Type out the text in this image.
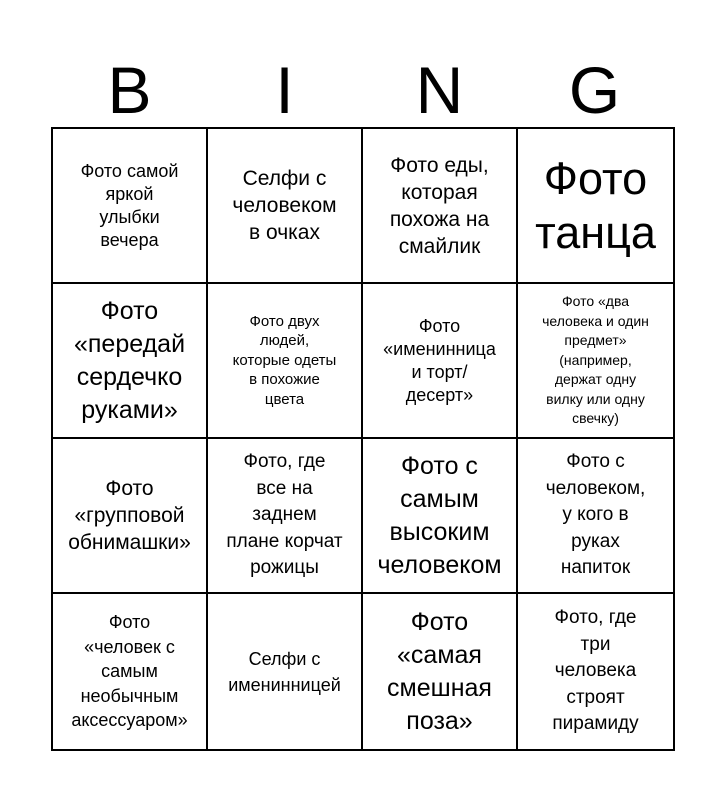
B	I	N	G
Фото самой
яркой
улыбки
вечера
Селфи с
человеком
в очках
Фото еды,
которая
похожа на
смайлик
Фото
танца
Фото
«передай
сердечко
руками»
Фото двух
людей,
которые одеты
в похожие
цвета
Фото
«именинница
и торт/
десерт»
Фото «два
человека и один
предмет»
(например,
держат одну
вилку или одну
свечку)
Фото
«групповой
обнимашки»
Фото, где
все на
заднем
плане корчат
рожицы
Фото с
самым
высоким
человеком
Фото с
человеком,
у кого в
руках
напиток
Фото
«человек с
самым
необычным
аксессуаром»
Селфи с
именинницей
Фото
«самая
смешная
поза»
Фото, где
три
человека
строят
пирамиду
